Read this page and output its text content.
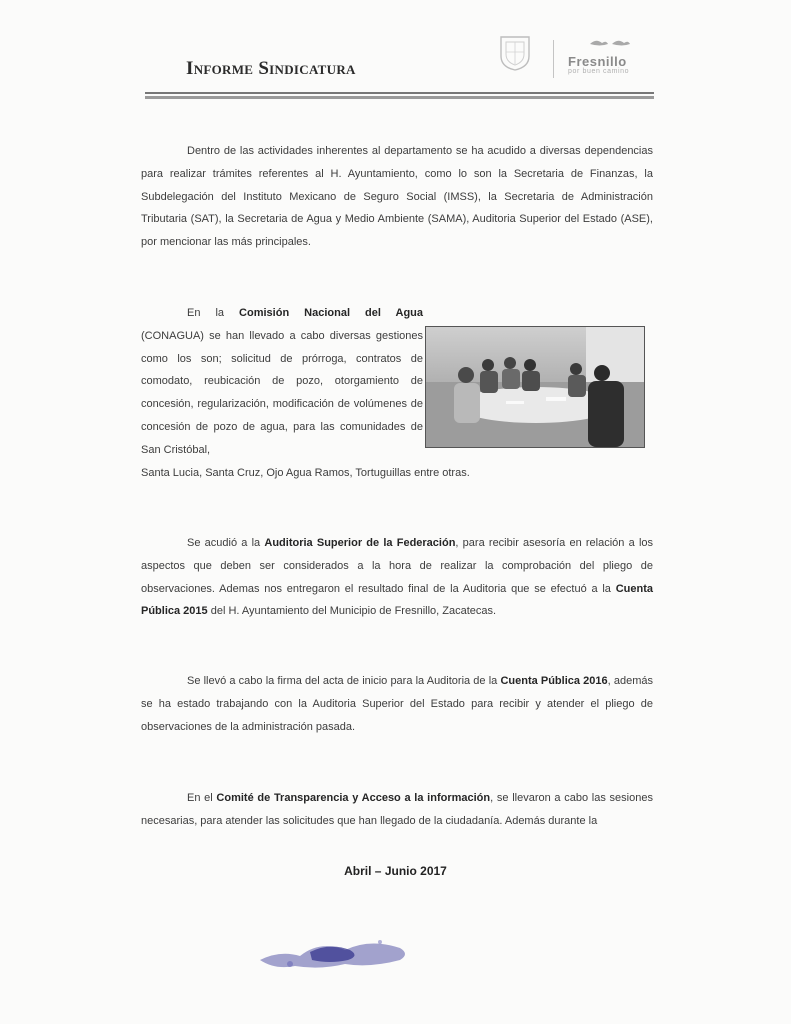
Informe Sindicatura	Fresnillo
por buen camino

Dentro de las actividades inherentes al departamento se ha acudido a diversas dependencias para realizar trámites referentes al H. Ayuntamiento, como lo son la Secretaria de Finanzas, la Subdelegación del Instituto Mexicano de Seguro Social (IMSS), la Secretaria de Administración Tributaria (SAT), la Secretaria de Agua y Medio Ambiente (SAMA), Auditoria Superior del Estado (ASE), por mencionar las más principales.

En la Comisión Nacional del Agua (CONAGUA) se han llevado a cabo diversas gestiones como los son; solicitud de prórroga, contratos de comodato, reubicación de pozo, otorgamiento de concesión, regularización, modificación de volúmenes de concesión de pozo de agua, para las comunidades de San Cristóbal,
Santa Lucia, Santa Cruz, Ojo Agua Ramos, Tortuguillas entre otras.

Se acudió a la Auditoria Superior de la Federación, para recibir asesoría en relación a los aspectos que deben ser considerados a la hora de realizar la comprobación del pliego de observaciones. Ademas nos entregaron el resultado final de la Auditoria que se efectuó a la Cuenta Pública 2015 del H. Ayuntamiento del Municipio de Fresnillo, Zacatecas.

Se llevó a cabo la firma del acta de inicio para la Auditoria de la Cuenta Pública 2016, además se ha estado trabajando con la Auditoria Superior del Estado para recibir y atender el pliego de observaciones de la administración pasada.

En el Comité de Transparencia y Acceso a la información, se llevaron a cabo las sesiones necesarias, para atender las solicitudes que han llegado de la ciudadanía. Además durante la

Abril – Junio 2017
